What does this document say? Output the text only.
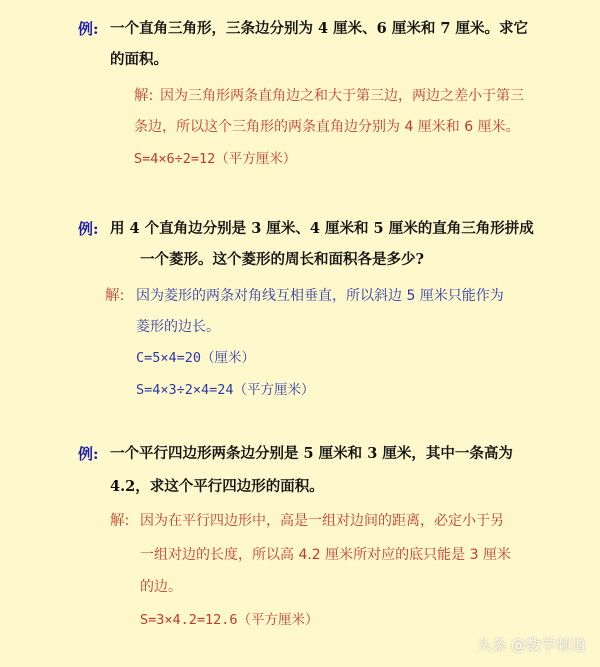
例: 一个直角三角形，三条边分别为 4 厘米、6 厘米和 7 厘米。求它
的面积。
解: 因为三角形两条直角边之和大于第三边，两边之差小于第三
条边，所以这个三角形的两条直角边分别为 4 厘米和 6 厘米。
S=4×6÷2=12（平方厘米）
例: 用 4 个直角边分别是 3 厘米、4 厘米和 5 厘米的直角三角形拼成
一个菱形。这个菱形的周长和面积各是多少?
解: 因为菱形的两条对角线互相垂直，所以斜边 5 厘米只能作为
菱形的边长。
C=5×4=20（厘米）
S=4×3÷2×4=24（平方厘米）
例: 一个平行四边形两条边分别是 5 厘米和 3 厘米，其中一条高为
4.2，求这个平行四边形的面积。
解: 因为在平行四边形中，高是一组对边间的距离，必定小于另
一组对边的长度，所以高 4.2 厘米所对应的底只能是 3 厘米
的边。
S=3×4.2=12.6（平方厘米）
头条 @数学频道
